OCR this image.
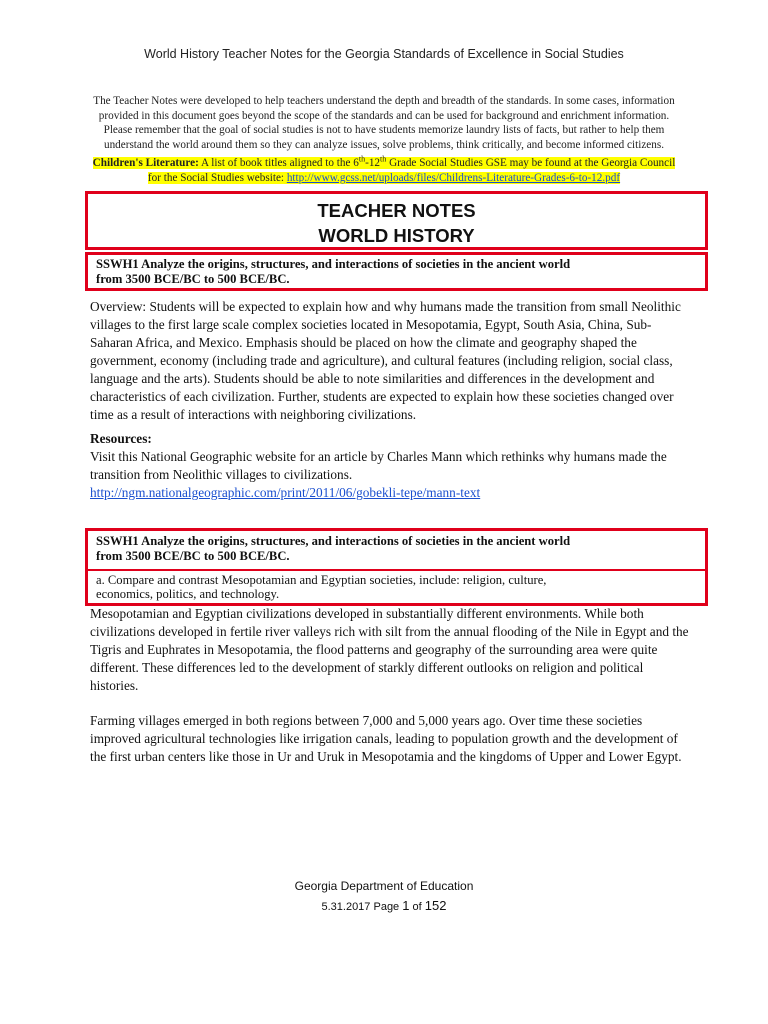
World History Teacher Notes for the Georgia Standards of Excellence in Social Studies
The Teacher Notes were developed to help teachers understand the depth and breadth of the standards. In some cases, information provided in this document goes beyond the scope of the standards and can be used for background and enrichment information. Please remember that the goal of social studies is not to have students memorize laundry lists of facts, but rather to help them understand the world around them so they can analyze issues, solve problems, think critically, and become informed citizens. Children's Literature: A list of book titles aligned to the 6th-12th Grade Social Studies GSE may be found at the Georgia Council for the Social Studies website: http://www.gcss.net/uploads/files/Childrens-Literature-Grades-6-to-12.pdf
TEACHER NOTES
WORLD HISTORY
SSWH1 Analyze the origins, structures, and interactions of societies in the ancient world
from 3500 BCE/BC to 500 BCE/BC.
Overview: Students will be expected to explain how and why humans made the transition from small Neolithic villages to the first large scale complex societies located in Mesopotamia, Egypt, South Asia, China, Sub-Saharan Africa, and Mexico. Emphasis should be placed on how the climate and geography shaped the government, economy (including trade and agriculture), and cultural features (including religion, social class, language and the arts). Students should be able to note similarities and differences in the development and characteristics of each civilization. Further, students are expected to explain how these societies changed over time as a result of interactions with neighboring civilizations.
Resources:
Visit this National Geographic website for an article by Charles Mann which rethinks why humans made the transition from Neolithic villages to civilizations.
http://ngm.nationalgeographic.com/print/2011/06/gobekli-tepe/mann-text
SSWH1 Analyze the origins, structures, and interactions of societies in the ancient world
from 3500 BCE/BC to 500 BCE/BC.
a. Compare and contrast Mesopotamian and Egyptian societies, include: religion, culture,
economics, politics, and technology.
Mesopotamian and Egyptian civilizations developed in substantially different environments. While both civilizations developed in fertile river valleys rich with silt from the annual flooding of the Nile in Egypt and the Tigris and Euphrates in Mesopotamia, the flood patterns and geography of the surrounding area were quite different. These differences led to the development of starkly different outlooks on religion and political histories.
Farming villages emerged in both regions between 7,000 and 5,000 years ago. Over time these societies improved agricultural technologies like irrigation canals, leading to population growth and the development of the first urban centers like those in Ur and Uruk in Mesopotamia and the kingdoms of Upper and Lower Egypt.
Georgia Department of Education
5.31.2017 Page 1 of 152
